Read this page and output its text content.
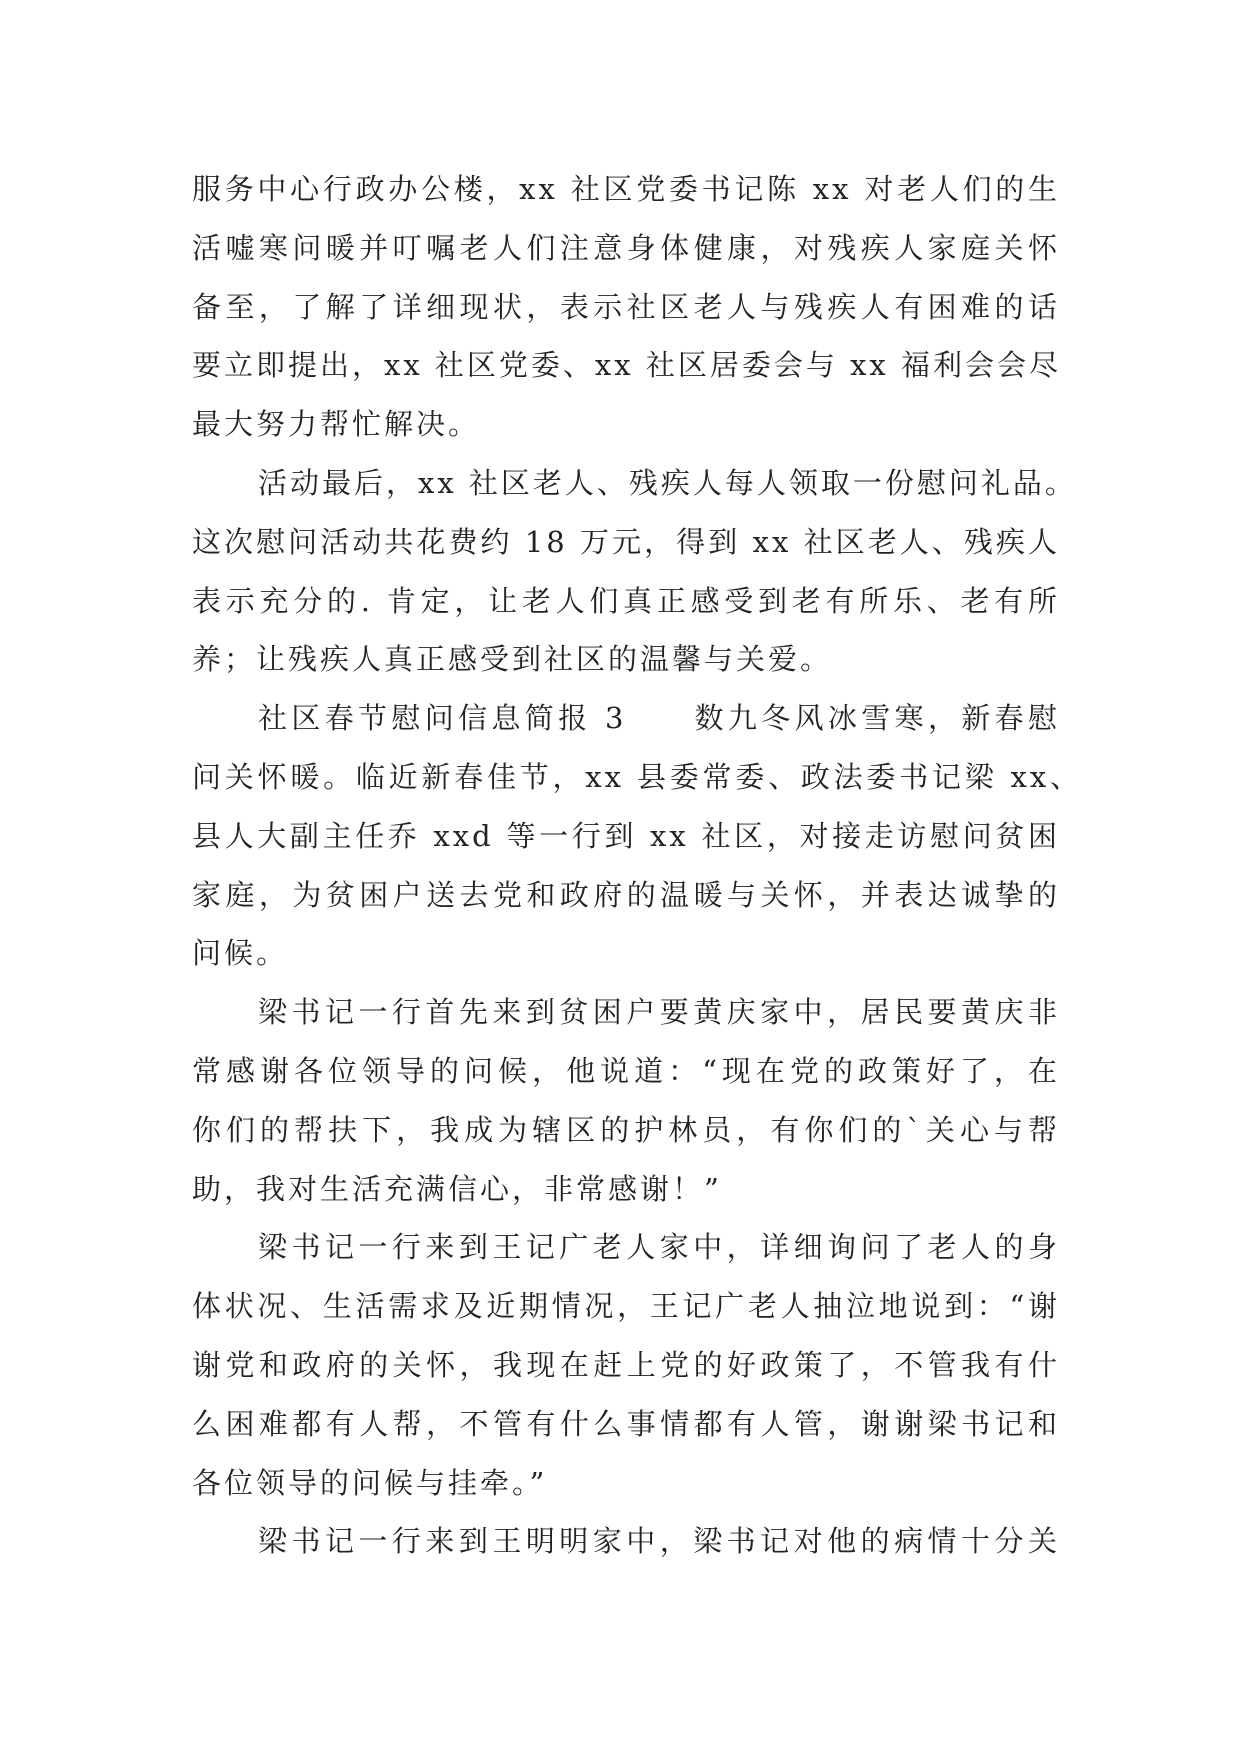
服务中心行政办公楼，xx 社区党委书记陈 xx 对老人们的生
活嘘寒问暖并叮嘱老人们注意身体健康，对残疾人家庭关怀
备至，了解了详细现状，表示社区老人与残疾人有困难的话
要立即提出，xx 社区党委、xx 社区居委会与 xx 福利会会尽
最大努力帮忙解决。
活动最后，xx 社区老人、残疾人每人领取一份慰问礼品。
这次慰问活动共花费约 18 万元，得到 xx 社区老人、残疾人
表示充分的. 肯定，让老人们真正感受到老有所乐、老有所
养；让残疾人真正感受到社区的温馨与关爱。
社区春节慰问信息简报 3　　数九冬风冰雪寒，新春慰
问关怀暖。临近新春佳节，xx 县委常委、政法委书记梁 xx、
县人大副主任乔 xxd 等一行到 xx 社区，对接走访慰问贫困
家庭，为贫困户送去党和政府的温暖与关怀，并表达诚挚的
问候。
梁书记一行首先来到贫困户要黄庆家中，居民要黄庆非
常感谢各位领导的问候，他说道：“现在党的政策好了，在
你们的帮扶下，我成为辖区的护林员，有你们的`关心与帮
助，我对生活充满信心，非常感谢！”
梁书记一行来到王记广老人家中，详细询问了老人的身
体状况、生活需求及近期情况，王记广老人抽泣地说到：“谢
谢党和政府的关怀，我现在赶上党的好政策了，不管我有什
么困难都有人帮，不管有什么事情都有人管，谢谢梁书记和
各位领导的问候与挂牵。”
梁书记一行来到王明明家中，梁书记对他的病情十分关
